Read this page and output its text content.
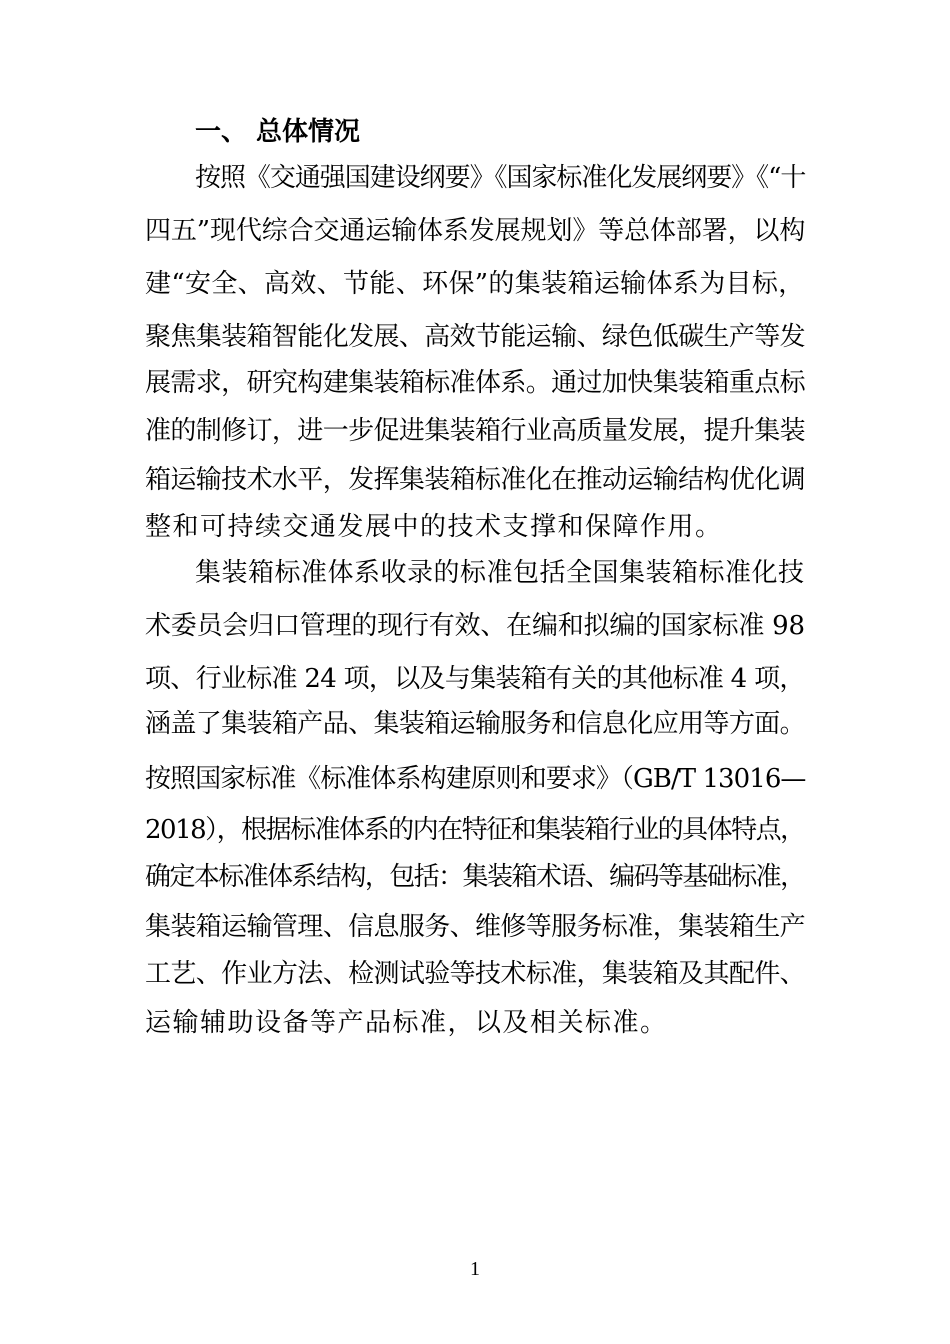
一、 总体情况
按照《交通强国建设纲要》《国家标准化发展纲要》《“十
四五”现代综合交通运输体系发展规划》等总体部署，以构
建“安全、高效、节能、环保”的集装箱运输体系为目标，
聚焦集装箱智能化发展、高效节能运输、绿色低碳生产等发
展需求，研究构建集装箱标准体系。通过加快集装箱重点标
准的制修订，进一步促进集装箱行业高质量发展，提升集装
箱运输技术水平，发挥集装箱标准化在推动运输结构优化调
整和可持续交通发展中的技术支撑和保障作用。
集装箱标准体系收录的标准包括全国集装箱标准化技
术委员会归口管理的现行有效、在编和拟编的国家标准 98
项、行业标准 24 项，以及与集装箱有关的其他标准 4 项，
涵盖了集装箱产品、集装箱运输服务和信息化应用等方面。
按照国家标准《标准体系构建原则和要求》（GB/T 13016—
2018），根据标准体系的内在特征和集装箱行业的具体特点，
确定本标准体系结构，包括：集装箱术语、编码等基础标准，
集装箱运输管理、信息服务、维修等服务标准，集装箱生产
工艺、作业方法、检测试验等技术标准，集装箱及其配件、
运输辅助设备等产品标准，以及相关标准。
1
